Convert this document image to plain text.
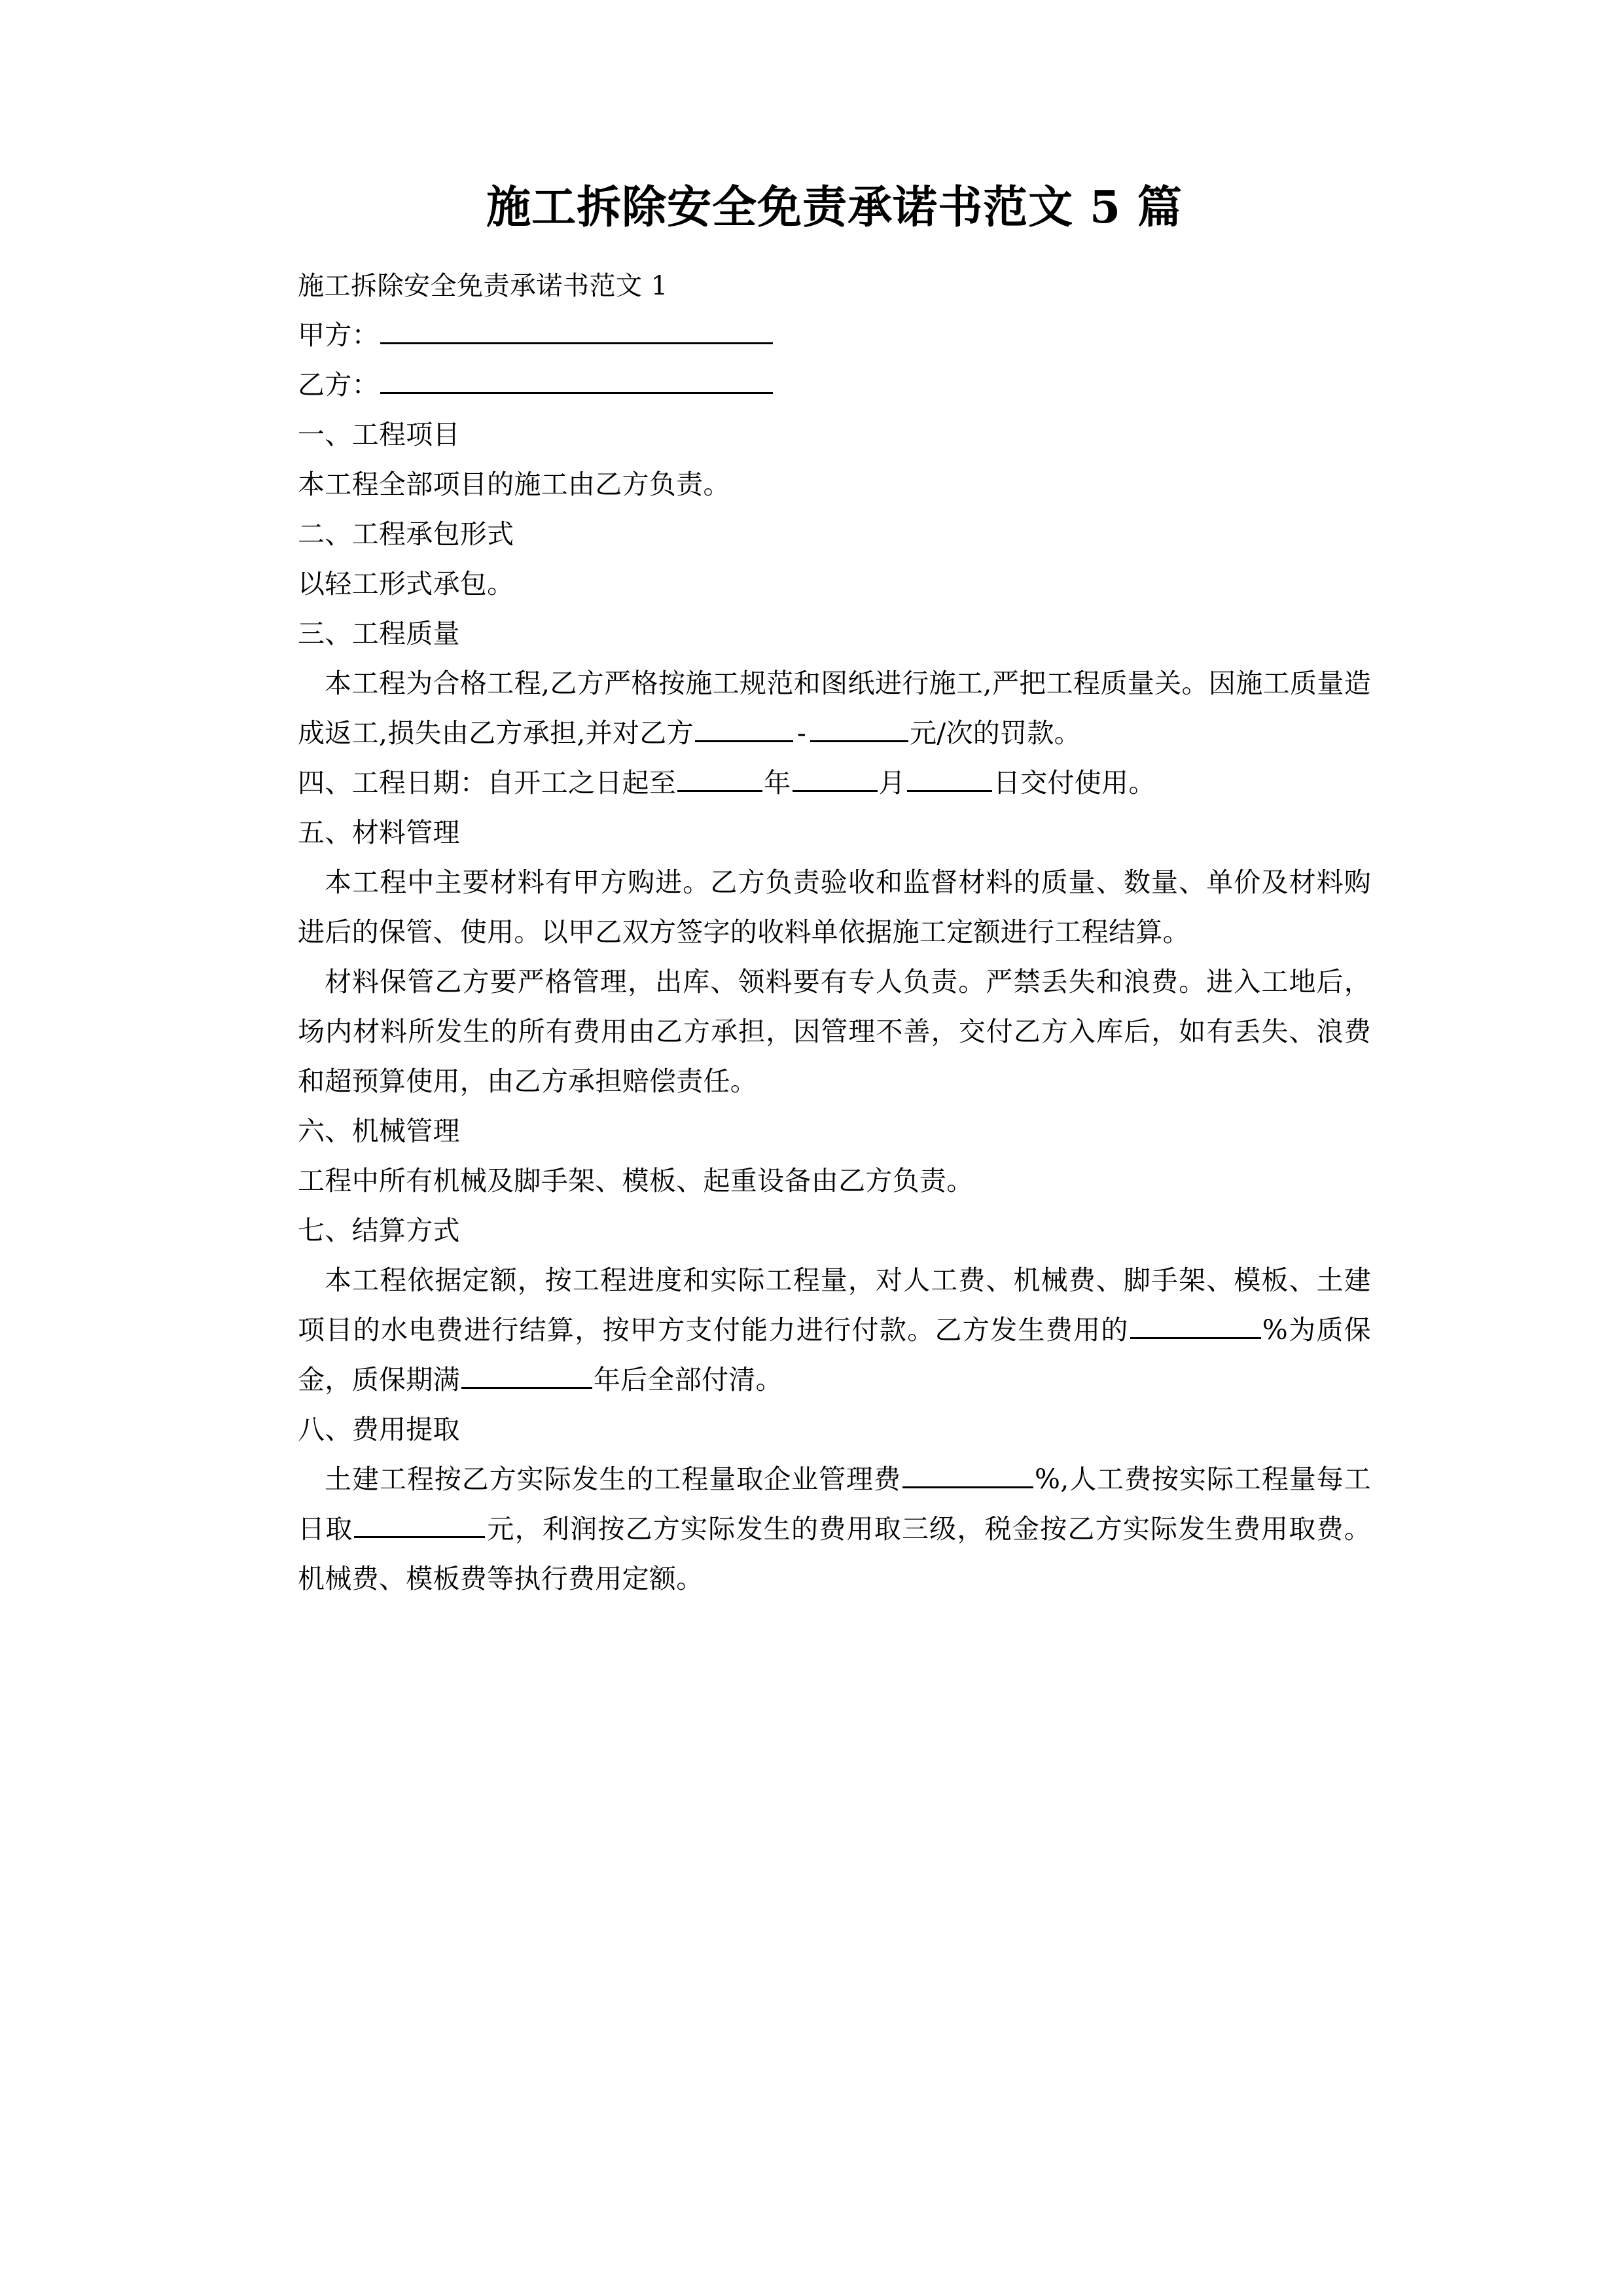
施工拆除安全免责承诺书范文 5 篇

施工拆除安全免责承诺书范文 1

甲方：

乙方：

一、工程项目

本工程全部项目的施工由乙方负责。

二、工程承包形式

以轻工形式承包。

三、工程质量

本工程为合格工程,乙方严格按施工规范和图纸进行施工,严把工程质量关。因施工质量造成返工,损失由乙方承担,并对乙方	-	元/次的罚款。

四、工程日期：自开工之日起至	年	月	日交付使用。

五、材料管理

本工程中主要材料有甲方购进。乙方负责验收和监督材料的质量、数量、单价及材料购进后的保管、使用。以甲乙双方签字的收料单依据施工定额进行工程结算。

材料保管乙方要严格管理，出库、领料要有专人负责。严禁丢失和浪费。进入工地后，场内材料所发生的所有费用由乙方承担，因管理不善，交付乙方入库后，如有丢失、浪费和超预算使用，由乙方承担赔偿责任。

六、机械管理

工程中所有机械及脚手架、模板、起重设备由乙方负责。

七、结算方式

本工程依据定额，按工程进度和实际工程量，对人工费、机械费、脚手架、模板、土建项目的水电费进行结算，按甲方支付能力进行付款。乙方发生费用的	%为质保金，质保期满	年后全部付清。

八、费用提取

土建工程按乙方实际发生的工程量取企业管理费	%,人工费按实际工程量每工日取	元，利润按乙方实际发生的费用取三级，税金按乙方实际发生费用取费。机械费、模板费等执行费用定额。
